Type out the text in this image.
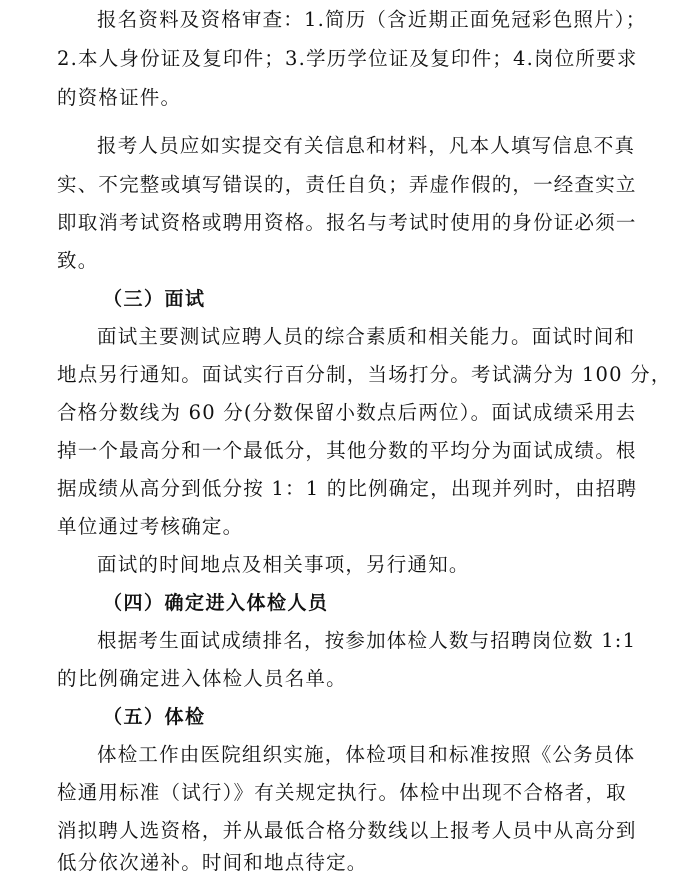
报名资料及资格审查：1.简历（含近期正面免冠彩色照片）；
2.本人身份证及复印件；3.学历学位证及复印件；4.岗位所要求
的资格证件。
报考人员应如实提交有关信息和材料，凡本人填写信息不真
实、不完整或填写错误的，责任自负；弄虚作假的，一经查实立
即取消考试资格或聘用资格。报名与考试时使用的身份证必须一
致。
（三）面试
面试主要测试应聘人员的综合素质和相关能力。面试时间和
地点另行通知。面试实行百分制，当场打分。考试满分为 100 分，
合格分数线为 60 分(分数保留小数点后两位）。面试成绩采用去
掉一个最高分和一个最低分，其他分数的平均分为面试成绩。根
据成绩从高分到低分按 1：1 的比例确定，出现并列时，由招聘
单位通过考核确定。
面试的时间地点及相关事项，另行通知。
（四）确定进入体检人员
根据考生面试成绩排名，按参加体检人数与招聘岗位数 1:1
的比例确定进入体检人员名单。
（五）体检
体检工作由医院组织实施，体检项目和标准按照《公务员体
检通用标准（试行）》有关规定执行。体检中出现不合格者，取
消拟聘人选资格，并从最低合格分数线以上报考人员中从高分到
低分依次递补。时间和地点待定。
